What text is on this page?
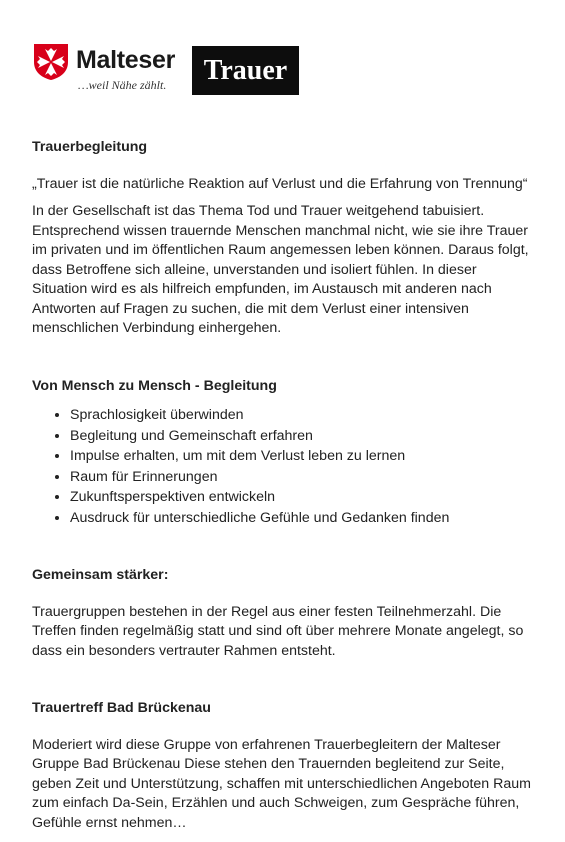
Malteser
…weil Nähe zählt.	Trauer
Trauerbegleitung

„Trauer ist die natürliche Reaktion auf Verlust und die Erfahrung von Trennung“

In der Gesellschaft ist das Thema Tod und Trauer weitgehend tabuisiert. Entsprechend wissen trauernde Menschen manchmal nicht, wie sie ihre Trauer im privaten und im öffentlichen Raum angemessen leben können. Daraus folgt, dass Betroffene sich alleine, unverstanden und isoliert fühlen. In dieser Situation wird es als hilfreich empfunden, im Austausch mit anderen nach Antworten auf Fragen zu suchen, die mit dem Verlust einer intensiven menschlichen Verbindung einhergehen.

Von Mensch zu Mensch - Begleitung
• Sprachlosigkeit überwinden
• Begleitung und Gemeinschaft erfahren
• Impulse erhalten, um mit dem Verlust leben zu lernen
• Raum für Erinnerungen
• Zukunftsperspektiven entwickeln
• Ausdruck für unterschiedliche Gefühle und Gedanken finden
Gemeinsam stärker:

Trauergruppen bestehen in der Regel aus einer festen Teilnehmerzahl. Die Treffen finden regelmäßig statt und sind oft über mehrere Monate angelegt, so dass ein besonders vertrauter Rahmen entsteht.

Trauertreff Bad Brückenau

Moderiert wird diese Gruppe von erfahrenen Trauerbegleitern der Malteser Gruppe Bad Brückenau Diese stehen den Trauernden begleitend zur Seite, geben Zeit und Unterstützung, schaffen mit unterschiedlichen Angeboten Raum zum einfach Da-Sein, Erzählen und auch Schweigen, zum Gespräche führen, Gefühle ernst nehmen…
